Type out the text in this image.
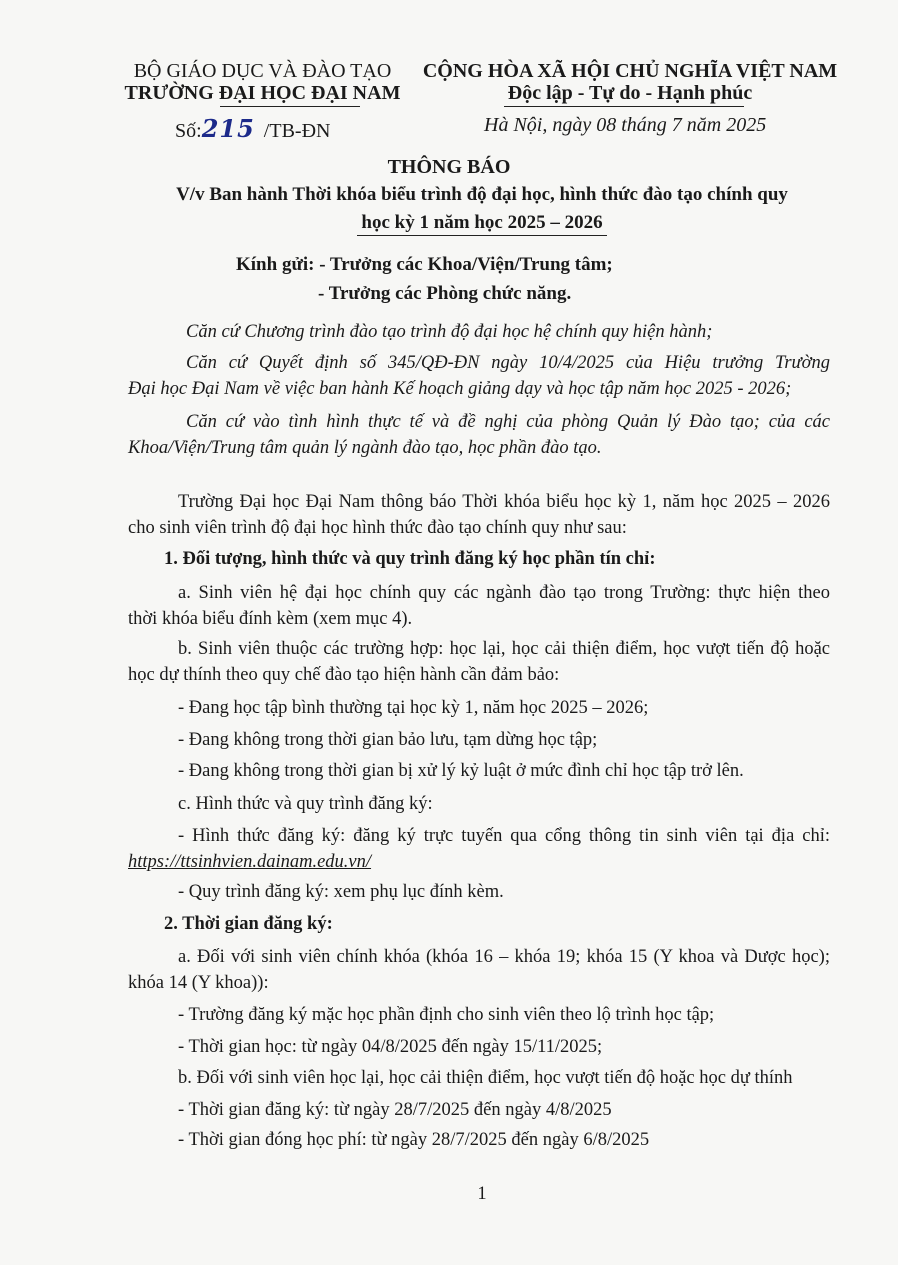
BỘ GIÁO DỤC VÀ ĐÀO TẠO
TRƯỜNG ĐẠI HỌC ĐẠI NAM
Số:215 /TB-ĐN
CỘNG HÒA XÃ HỘI CHỦ NGHĨA VIỆT NAM
Độc lập - Tự do - Hạnh phúc
Hà Nội, ngày 08 tháng 7 năm 2025
THÔNG BÁO
V/v Ban hành Thời khóa biểu trình độ đại học, hình thức đào tạo chính quy
học kỳ 1 năm học 2025 – 2026
Kính gửi: - Trưởng các Khoa/Viện/Trung tâm;
- Trưởng các Phòng chức năng.
Căn cứ Chương trình đào tạo trình độ đại học hệ chính quy hiện hành;
Căn cứ Quyết định số 345/QĐ-ĐN ngày 10/4/2025 của Hiệu trưởng Trường
Đại học Đại Nam về việc ban hành Kế hoạch giảng dạy và học tập năm học 2025 - 2026;
Căn cứ vào tình hình thực tế và đề nghị của phòng Quản lý Đào tạo; của các
Khoa/Viện/Trung tâm quản lý ngành đào tạo, học phần đào tạo.
Trường Đại học Đại Nam thông báo Thời khóa biểu học kỳ 1, năm học 2025 – 2026
cho sinh viên trình độ đại học hình thức đào tạo chính quy như sau:
1. Đối tượng, hình thức và quy trình đăng ký học phần tín chỉ:
a. Sinh viên hệ đại học chính quy các ngành đào tạo trong Trường: thực hiện theo
thời khóa biểu đính kèm (xem mục 4).
b. Sinh viên thuộc các trường hợp: học lại, học cải thiện điểm, học vượt tiến độ hoặc
học dự thính theo quy chế đào tạo hiện hành cần đảm bảo:
- Đang học tập bình thường tại học kỳ 1, năm học 2025 – 2026;
- Đang không trong thời gian bảo lưu, tạm dừng học tập;
- Đang không trong thời gian bị xử lý kỷ luật ở mức đình chỉ học tập trở lên.
c. Hình thức và quy trình đăng ký:
- Hình thức đăng ký: đăng ký trực tuyến qua cổng thông tin sinh viên tại địa chỉ:
https://ttsinhvien.dainam.edu.vn/
- Quy trình đăng ký: xem phụ lục đính kèm.
2. Thời gian đăng ký:
a. Đối với sinh viên chính khóa (khóa 16 – khóa 19; khóa 15 (Y khoa và Dược học);
khóa 14 (Y khoa)):
- Trường đăng ký mặc học phần định cho sinh viên theo lộ trình học tập;
- Thời gian học: từ ngày 04/8/2025 đến ngày 15/11/2025;
b. Đối với sinh viên học lại, học cải thiện điểm, học vượt tiến độ hoặc học dự thính
- Thời gian đăng ký: từ ngày 28/7/2025 đến ngày 4/8/2025
- Thời gian đóng học phí: từ ngày 28/7/2025 đến ngày 6/8/2025
1
